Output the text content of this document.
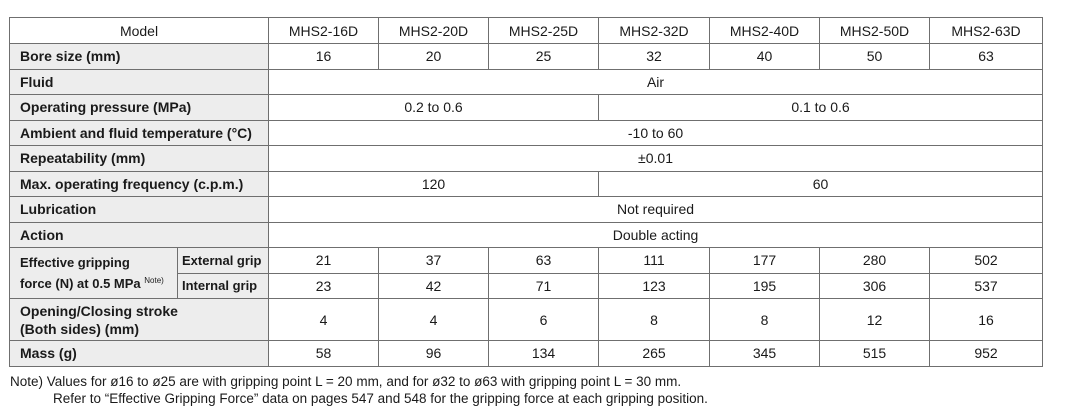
Model		MHS2-16D	MHS2-20D	MHS2-25D	MHS2-32D	MHS2-40D	MHS2-50D	MHS2-63D
Bore size (mm)		16	20	25	32	40	50	63
Fluid		Air						
Operating pressure (MPa)		0.2 to 0.6			0.1 to 0.6			
Ambient and fluid temperature (°C)		-10 to 60						
Repeatability (mm)		±0.01						
Max. operating frequency (c.p.m.)		120			60			
Lubrication		Not required						
Action		Double acting						
Effective gripping
force (N) at 0.5 MPa $^{Note)}$	External grip	21	37	63	111	177	280	502
	Internal grip	23	42	71	123	195	306	537
Opening/Closing stroke
(Both sides) (mm)		4	4	6	8	8	12	16
Mass (g)		58	96	134	265	345	515	952
Note) Values for ø16 to ø25 are with gripping point L = 20 mm, and for ø32 to ø63 with gripping point L = 30 mm.
Refer to “Effective Gripping Force” data on pages 547 and 548 for the gripping force at each gripping position.
